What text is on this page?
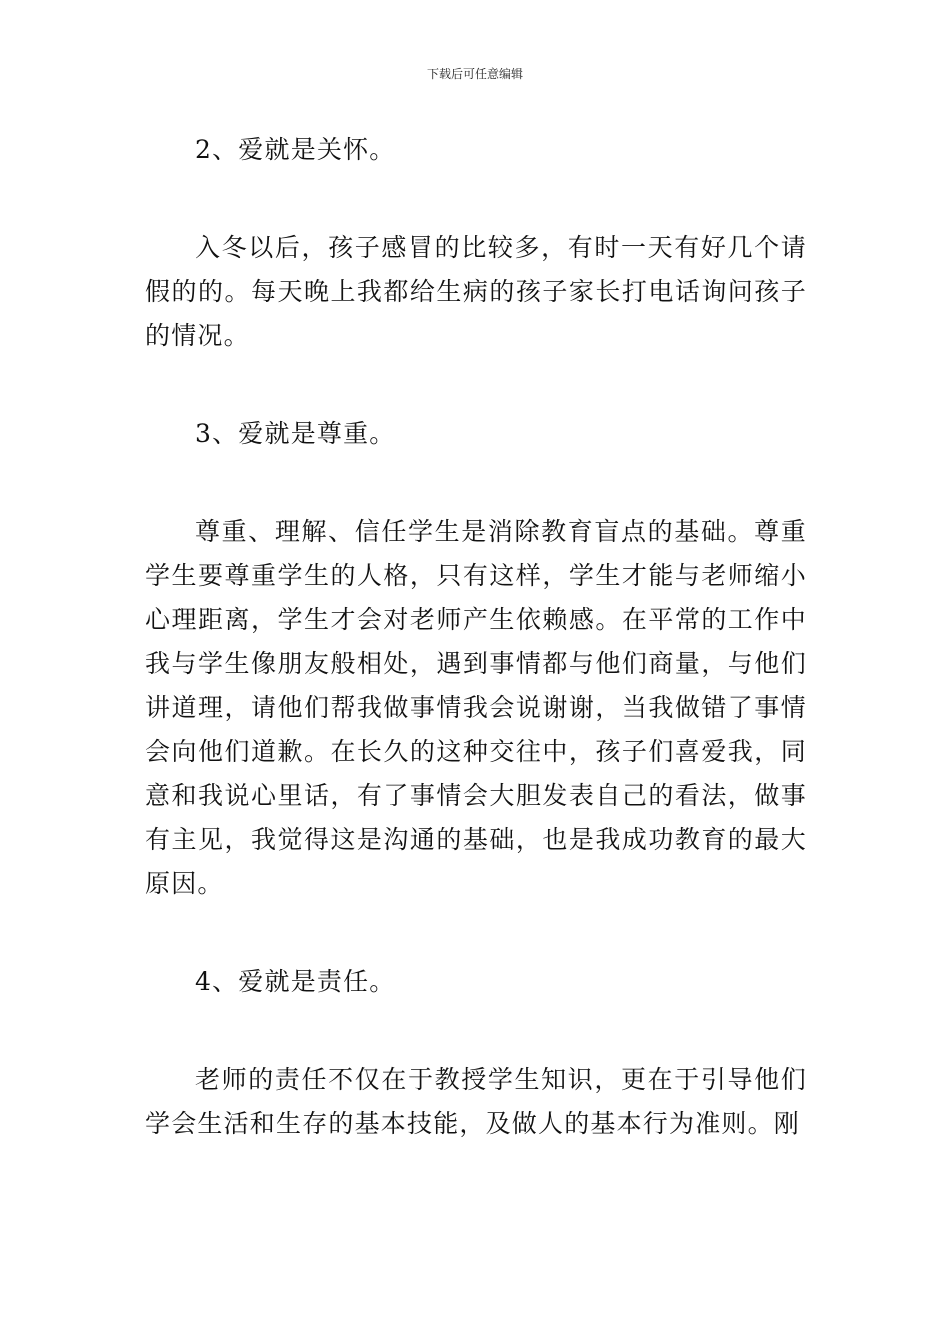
下载后可任意编辑

2、爱就是关怀。

入冬以后，孩子感冒的比较多，有时一天有好几个请假的的。每天晚上我都给生病的孩子家长打电话询问孩子的情况。

3、爱就是尊重。

尊重、理解、信任学生是消除教育盲点的基础。尊重学生要尊重学生的人格，只有这样，学生才能与老师缩小心理距离，学生才会对老师产生依赖感。在平常的工作中我与学生像朋友般相处，遇到事情都与他们商量，与他们讲道理，请他们帮我做事情我会说谢谢，当我做错了事情会向他们道歉。在长久的这种交往中，孩子们喜爱我，同意和我说心里话，有了事情会大胆发表自己的看法，做事有主见，我觉得这是沟通的基础，也是我成功教育的最大原因。

4、爱就是责任。

老师的责任不仅在于教授学生知识，更在于引导他们学会生活和生存的基本技能，及做人的基本行为准则。刚
